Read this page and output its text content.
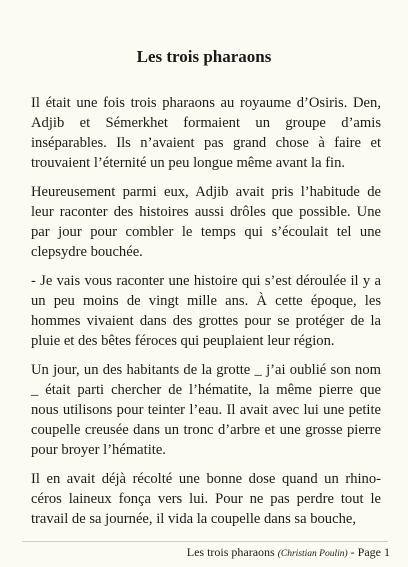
Les trois pharaons

Il était une fois trois pharaons au royaume d’Osiris. Den, Adjib et Sémerkhet formaient un groupe d’amis inséparables. Ils n’avaient pas grand chose à faire et trouvaient l’éternité un peu longue même avant la fin.

Heureusement parmi eux, Adjib avait pris l’habitude de leur raconter des histoires aussi drôles que possible. Une par jour pour combler le temps qui s’écoulait tel une clepsydre bouchée.

- Je vais vous raconter une histoire qui s’est déroulée il y a un peu moins de vingt mille ans. À cette époque, les hommes vivaient dans des grottes pour se protéger de la pluie et des bêtes féroces qui peuplaient leur région.

Un jour, un des habitants de la grotte _ j’ai oublié son nom _ était parti chercher de l’hématite, la même pierre que nous utilisons pour teinter l’eau. Il avait avec lui une petite coupelle creusée dans un tronc d’arbre et une grosse pierre pour broyer l’hématite.

Il en avait déjà récolté une bonne dose quand un rhino-céros laineux fonça vers lui. Pour ne pas perdre tout le travail de sa journée, il vida la coupelle dans sa bouche,

Les trois pharaons (Christian Poulin) - Page 1
